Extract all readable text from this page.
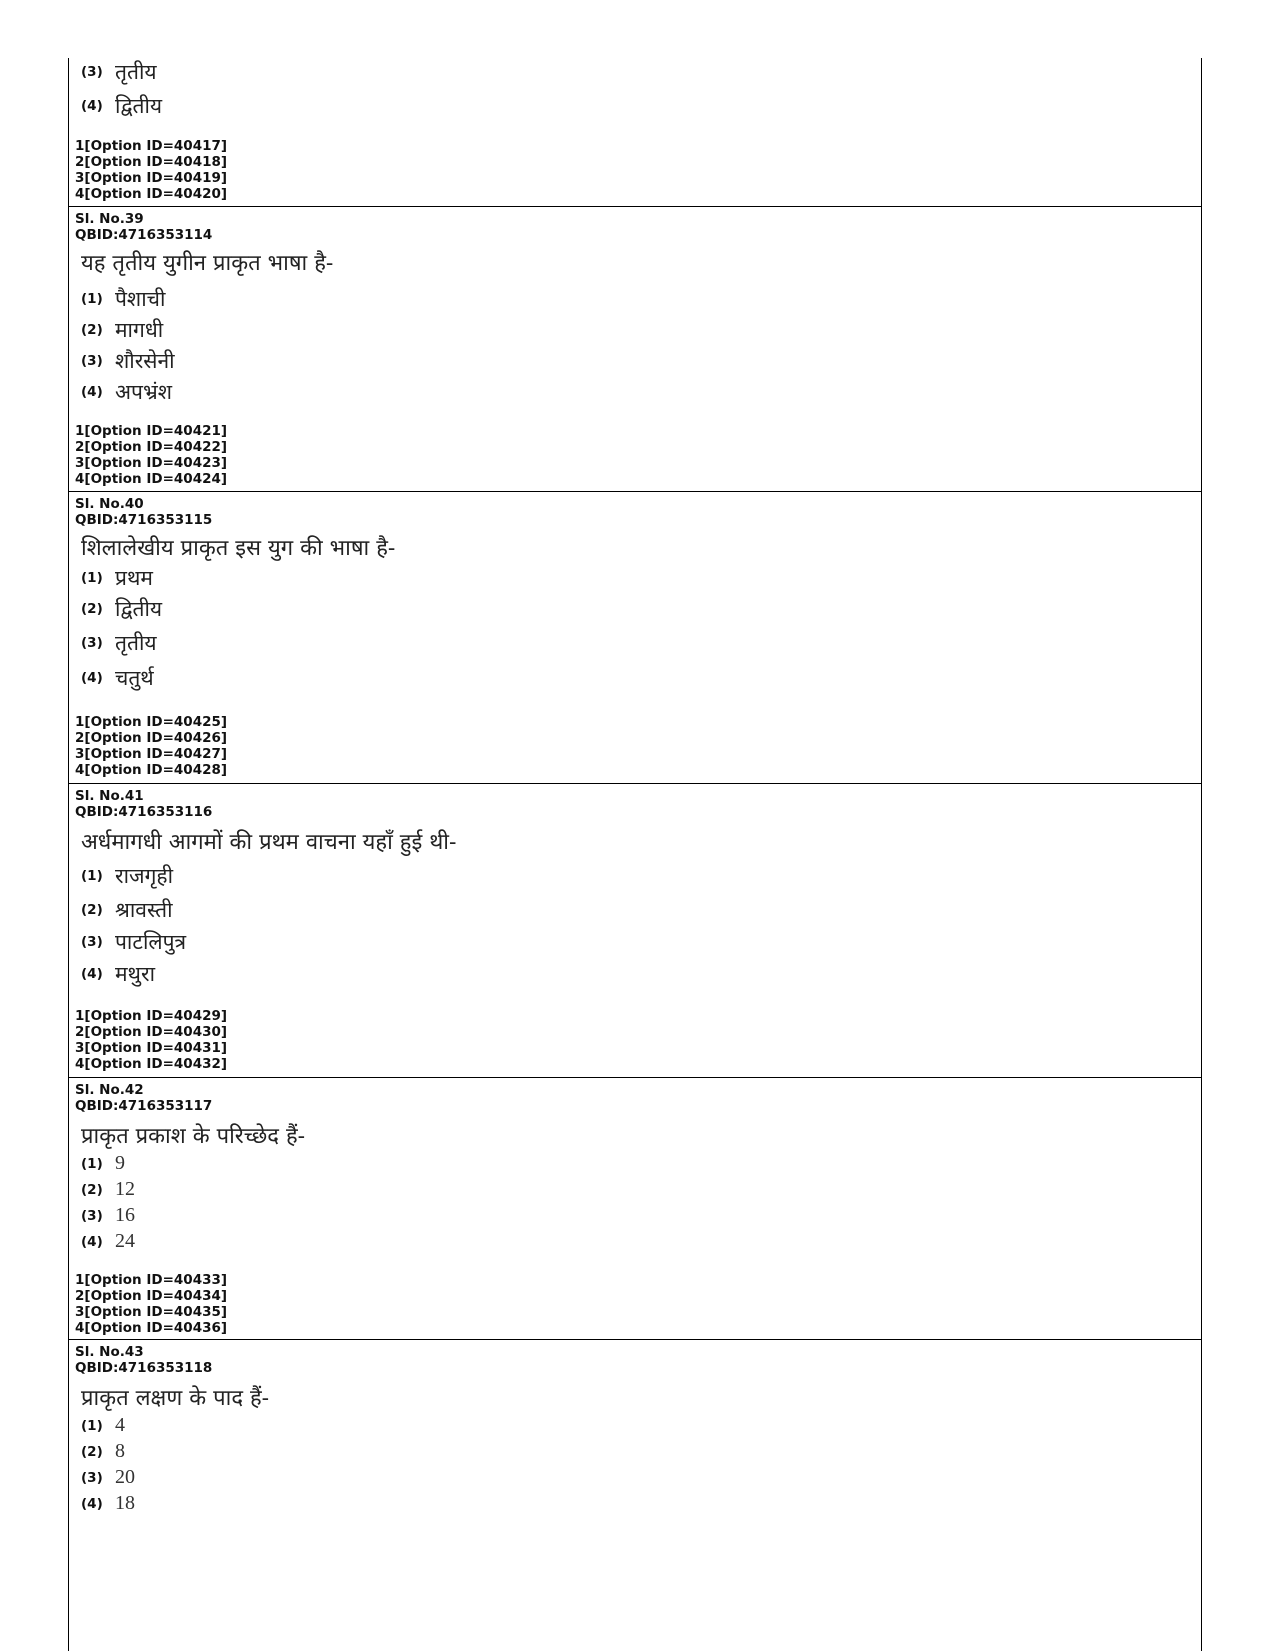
(3) तृतीय
(4) द्वितीय
1[Option ID=40417]
2[Option ID=40418]
3[Option ID=40419]
4[Option ID=40420]
Sl. No.39
QBID:4716353114
यह तृतीय युगीन प्राकृत भाषा है-
(1) पैशाची
(2) मागधी
(3) शौरसेनी
(4) अपभ्रंश
1[Option ID=40421]
2[Option ID=40422]
3[Option ID=40423]
4[Option ID=40424]
Sl. No.40
QBID:4716353115
शिलालेखीय प्राकृत इस युग की भाषा है-
(1) प्रथम
(2) द्वितीय
(3) तृतीय
(4) चतुर्थ
1[Option ID=40425]
2[Option ID=40426]
3[Option ID=40427]
4[Option ID=40428]
Sl. No.41
QBID:4716353116
अर्धमागधी आगमों की प्रथम वाचना यहाँ हुई थी-
(1) राजगृही
(2) श्रावस्ती
(3) पाटलिपुत्र
(4) मथुरा
1[Option ID=40429]
2[Option ID=40430]
3[Option ID=40431]
4[Option ID=40432]
Sl. No.42
QBID:4716353117
प्राकृत प्रकाश के परिच्छेद हैं-
(1) 9
(2) 12
(3) 16
(4) 24
1[Option ID=40433]
2[Option ID=40434]
3[Option ID=40435]
4[Option ID=40436]
Sl. No.43
QBID:4716353118
प्राकृत लक्षण के पाद हैं-
(1) 4
(2) 8
(3) 20
(4) 18
